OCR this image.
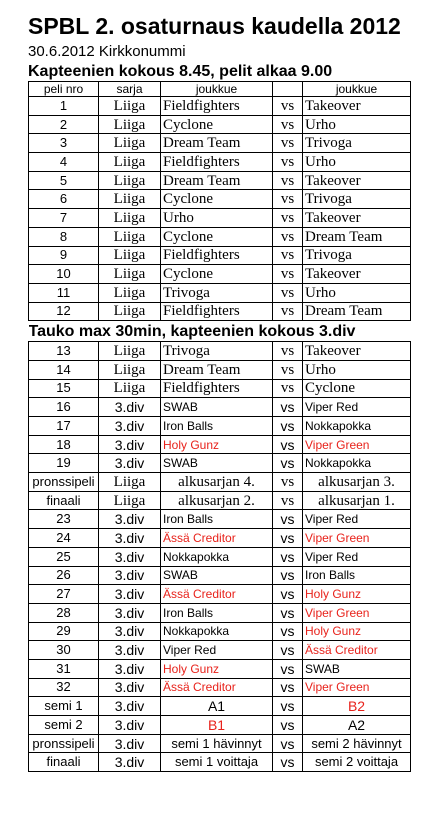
SPBL 2. osaturnaus kaudella 2012
30.6.2012 Kirkkonummi
Kapteenien kokous 8.45, pelit alkaa 9.00
peli nro	sarja	joukkue		joukkue
1	Liiga	Fieldfighters	vs	Takeover
2	Liiga	Cyclone	vs	Urho
3	Liiga	Dream Team	vs	Trivoga
4	Liiga	Fieldfighters	vs	Urho
5	Liiga	Dream Team	vs	Takeover
6	Liiga	Cyclone	vs	Trivoga
7	Liiga	Urho	vs	Takeover
8	Liiga	Cyclone	vs	Dream Team
9	Liiga	Fieldfighters	vs	Trivoga
10	Liiga	Cyclone	vs	Takeover
11	Liiga	Trivoga	vs	Urho
12	Liiga	Fieldfighters	vs	Dream Team
Tauko max 30min, kapteenien kokous 3.div				
13	Liiga	Trivoga	vs	Takeover
14	Liiga	Dream Team	vs	Urho
15	Liiga	Fieldfighters	vs	Cyclone
16	3.div	SWAB	vs	Viper Red
17	3.div	Iron Balls	vs	Nokkapokka
18	3.div	Holy Gunz	vs	Viper Green
19	3.div	SWAB	vs	Nokkapokka
pronssipeli	Liiga	alkusarjan 4.	vs	alkusarjan 3.
finaali	Liiga	alkusarjan 2.	vs	alkusarjan 1.
23	3.div	Iron Balls	vs	Viper Red
24	3.div	Ässä Creditor	vs	Viper Green
25	3.div	Nokkapokka	vs	Viper Red
26	3.div	SWAB	vs	Iron Balls
27	3.div	Ässä Creditor	vs	Holy Gunz
28	3.div	Iron Balls	vs	Viper Green
29	3.div	Nokkapokka	vs	Holy Gunz
30	3.div	Viper Red	vs	Ässä Creditor
31	3.div	Holy Gunz	vs	SWAB
32	3.div	Ässä Creditor	vs	Viper Green
semi 1	3.div	A1	vs	B2
semi 2	3.div	B1	vs	A2
pronssipeli	3.div	semi 1 hävinnyt	vs	semi 2 hävinnyt
finaali	3.div	semi 1 voittaja	vs	semi 2 voittaja
